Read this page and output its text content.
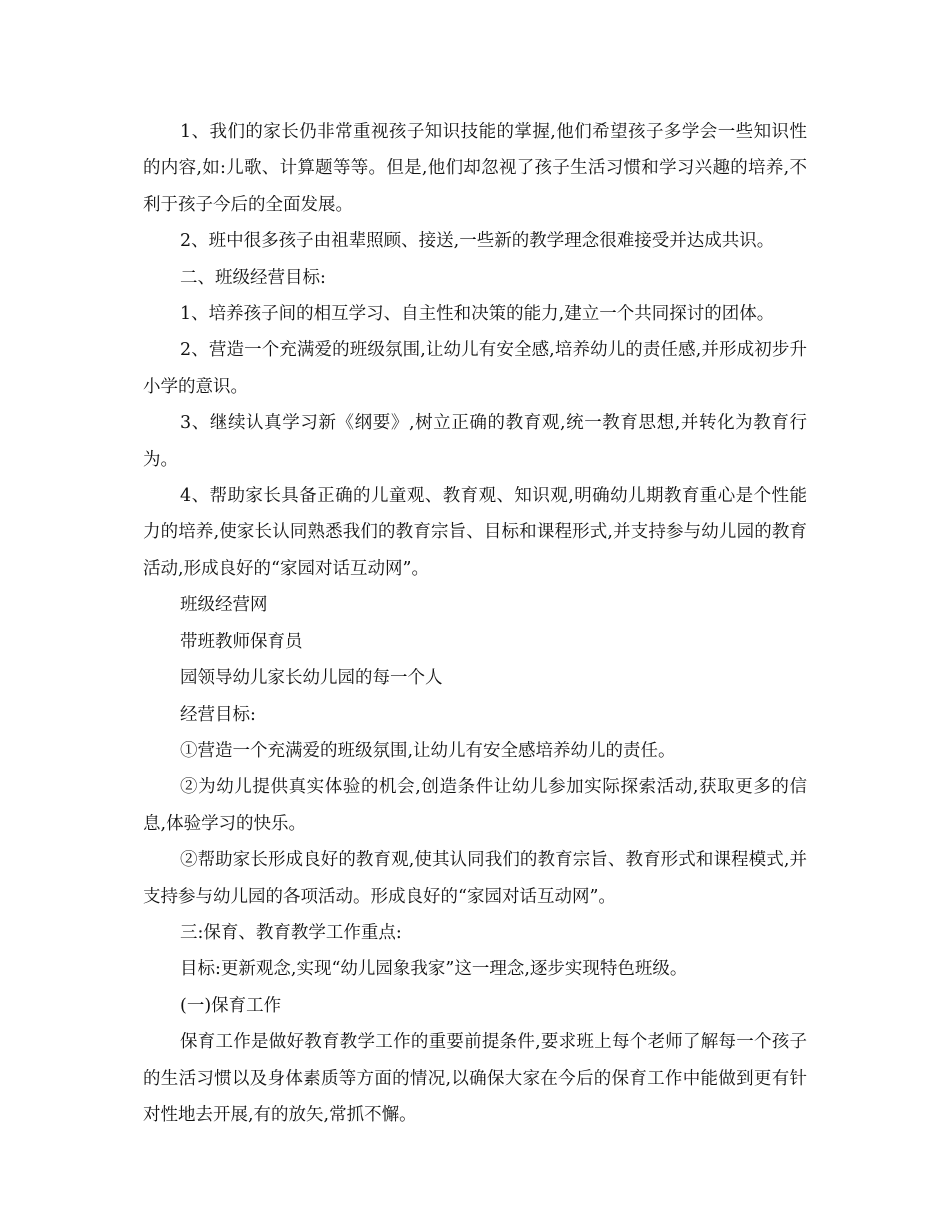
1、我们的家长仍非常重视孩子知识技能的掌握,他们希望孩子多学会一些知识性的内容,如:儿歌、计算题等等。但是,他们却忽视了孩子生活习惯和学习兴趣的培养,不利于孩子今后的全面发展。

2、班中很多孩子由祖辈照顾、接送,一些新的教学理念很难接受并达成共识。

二、班级经营目标:

1、培养孩子间的相互学习、自主性和决策的能力,建立一个共同探讨的团体。

2、营造一个充满爱的班级氛围,让幼儿有安全感,培养幼儿的责任感,并形成初步升小学的意识。

3、继续认真学习新《纲要》,树立正确的教育观,统一教育思想,并转化为教育行为。

4、帮助家长具备正确的儿童观、教育观、知识观,明确幼儿期教育重心是个性能力的培养,使家长认同熟悉我们的教育宗旨、目标和课程形式,并支持参与幼儿园的教育活动,形成良好的“家园对话互动网”。

班级经营网

带班教师保育员

园领导幼儿家长幼儿园的每一个人

经营目标:

①营造一个充满爱的班级氛围,让幼儿有安全感培养幼儿的责任。

②为幼儿提供真实体验的机会,创造条件让幼儿参加实际探索活动,获取更多的信息,体验学习的快乐。

②帮助家长形成良好的教育观,使其认同我们的教育宗旨、教育形式和课程模式,并支持参与幼儿园的各项活动。形成良好的“家园对话互动网”。

三:保育、教育教学工作重点:

目标:更新观念,实现“幼儿园象我家”这一理念,逐步实现特色班级。

(一)保育工作

保育工作是做好教育教学工作的重要前提条件,要求班上每个老师了解每一个孩子的生活习惯以及身体素质等方面的情况,以确保大家在今后的保育工作中能做到更有针对性地去开展,有的放矢,常抓不懈。
